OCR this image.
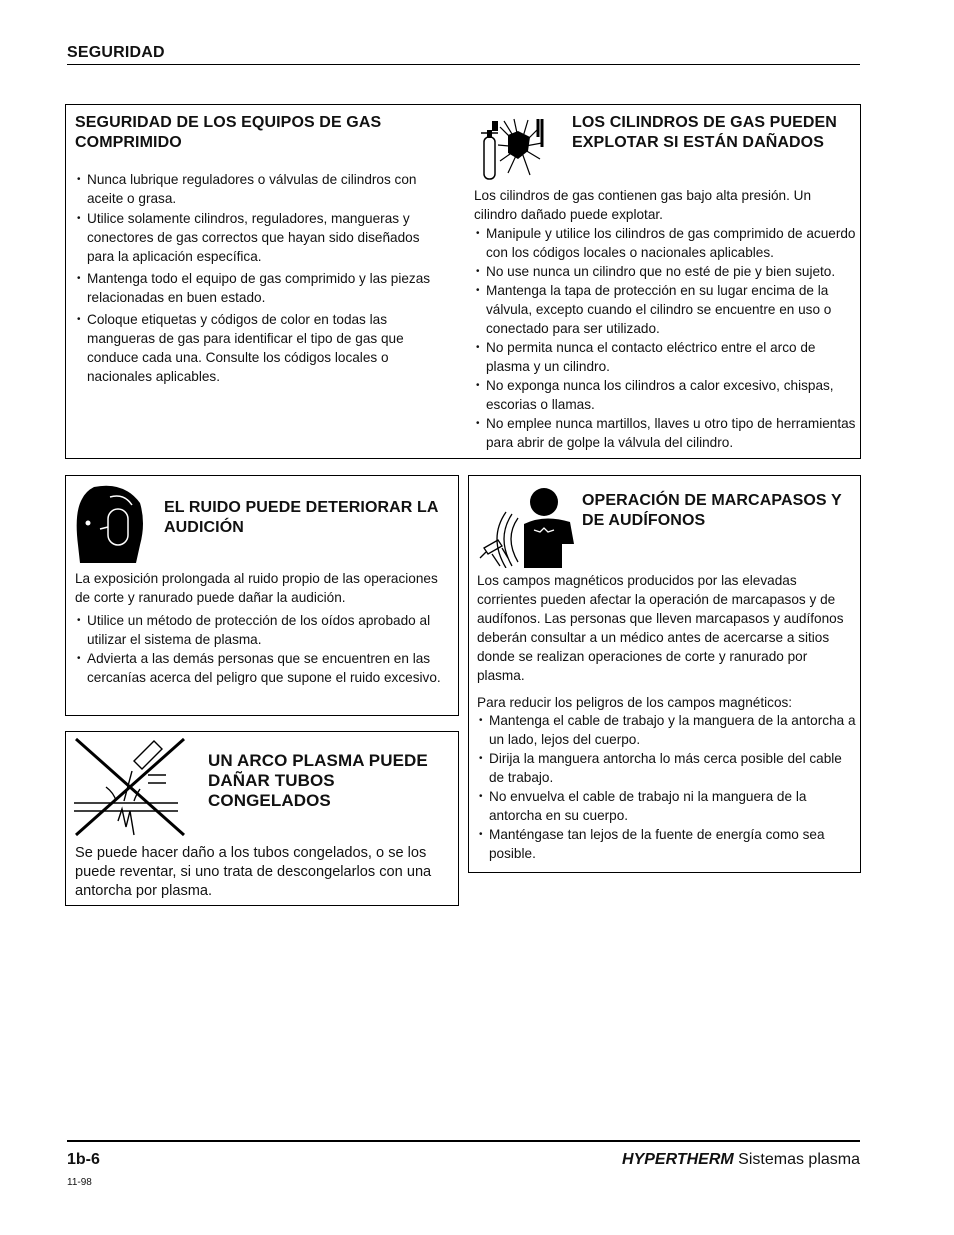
SEGURIDAD
SEGURIDAD DE LOS EQUIPOS DE GAS COMPRIMIDO
• Nunca lubrique reguladores o válvulas de cilindros con aceite o grasa.
• Utilice solamente cilindros, reguladores, mangueras y conectores de gas correctos que hayan sido diseñados para la aplicación específica.
• Mantenga todo el equipo de gas comprimido y las piezas relacionadas en buen estado.
• Coloque etiquetas y códigos de color en todas las mangueras de gas para identificar el tipo de gas que conduce cada una. Consulte los códigos locales o nacionales aplicables.
LOS CILINDROS DE GAS PUEDEN EXPLOTAR SI ESTÁN DAÑADOS

Los cilindros de gas contienen gas bajo alta presión. Un cilindro dañado puede explotar.

• Manipule y utilice los cilindros de gas comprimido de acuerdo con los códigos locales o nacionales aplicables.
• No use nunca un cilindro que no esté de pie y bien sujeto.
• Mantenga la tapa de protección en su lugar encima de la válvula, excepto cuando el cilindro se encuentre en uso o conectado para ser utilizado.
• No permita nunca el contacto eléctrico entre el arco de plasma y un cilindro.
• No exponga nunca los cilindros a calor excesivo, chispas, escorias o llamas.
• No emplee nunca martillos, llaves u otro tipo de herramientas para abrir de golpe la válvula del cilindro.
EL RUIDO PUEDE DETERIORAR LA AUDICIÓN

La exposición prolongada al ruido propio de las operaciones de corte y ranurado puede dañar la audición.

• Utilice un método de protección de los oídos aprobado al utilizar el sistema de plasma.
• Advierta a las demás personas que se encuentren en las cercanías acerca del peligro que supone el ruido excesivo.
OPERACIÓN DE MARCAPASOS Y DE AUDÍFONOS

Los campos magnéticos producidos por las elevadas corrientes pueden afectar la operación de marcapasos y de audífonos. Las personas que lleven marcapasos y audífonos deberán consultar a un médico antes de acercarse a sitios donde se realizan operaciones de corte y ranurado por plasma.

Para reducir los peligros de los campos magnéticos:

• Mantenga el cable de trabajo y la manguera de la antorcha a un lado, lejos del cuerpo.
• Dirija la manguera antorcha lo más cerca posible del cable de trabajo.
• No envuelva el cable de trabajo ni la manguera de la antorcha en su cuerpo.
• Manténgase tan lejos de la fuente de energía como sea posible.
UN ARCO PLASMA PUEDE DAÑAR TUBOS CONGELADOS

Se puede hacer daño a los tubos congelados, o se los puede reventar, si uno trata de descongelarlos con una antorcha por plasma.

1b-6
11-98
HYPERTHERM Sistemas plasma
